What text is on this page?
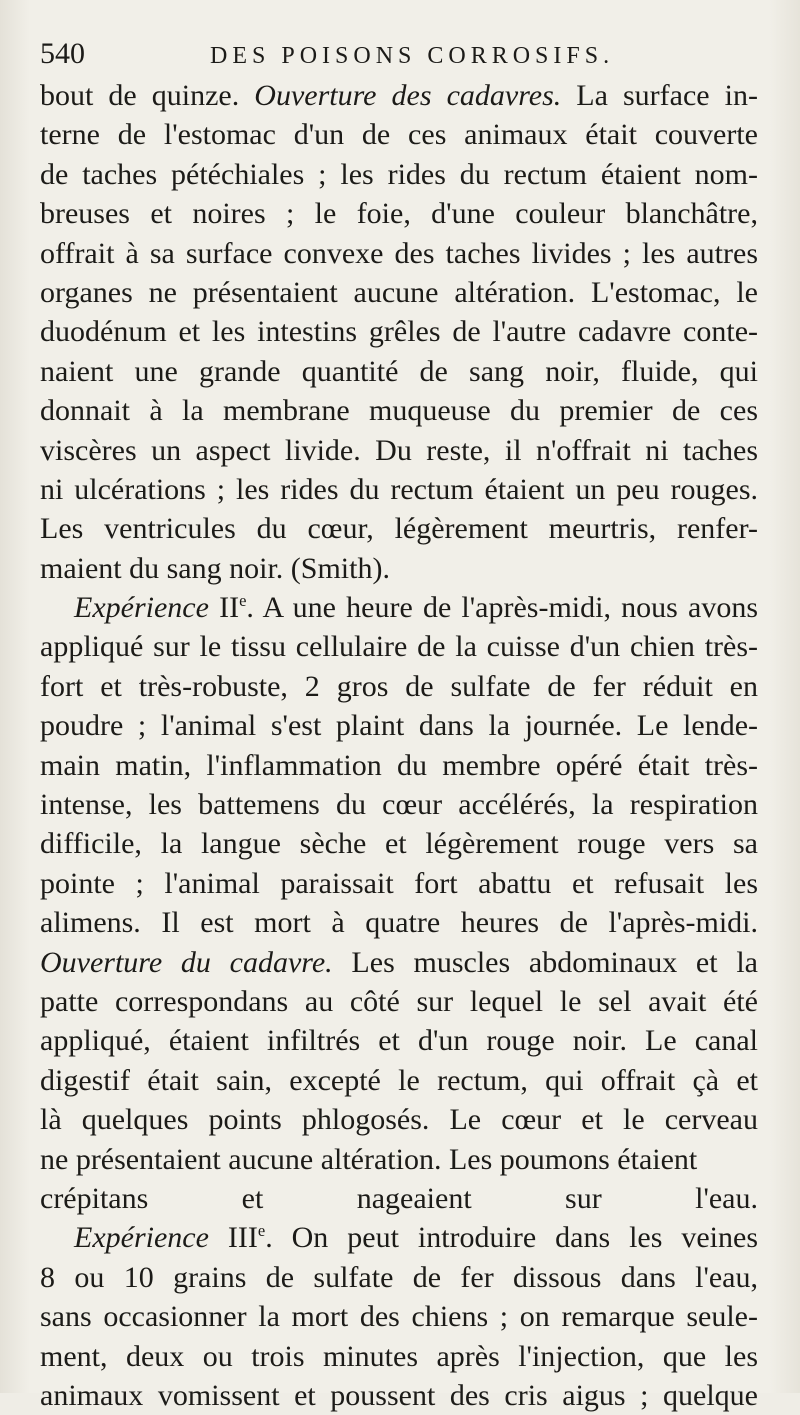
540	DES POISONS CORROSIFS.
bout de quinze. Ouverture des cadavres. La surface in-
terne de l'estomac d'un de ces animaux était couverte
de taches pétéchiales ; les rides du rectum étaient nom-
breuses et noires ; le foie, d'une couleur blanchâtre,
offrait à sa surface convexe des taches livides ; les autres
organes ne présentaient aucune altération. L'estomac, le
duodénum et les intestins grêles de l'autre cadavre conte-
naient une grande quantité de sang noir, fluide, qui
donnait à la membrane muqueuse du premier de ces
viscères un aspect livide. Du reste, il n'offrait ni taches
ni ulcérations ; les rides du rectum étaient un peu rouges.
Les ventricules du cœur, légèrement meurtris, renfer-
maient du sang noir. (Smith).
Expérience IIe. A une heure de l'après-midi, nous avons
appliqué sur le tissu cellulaire de la cuisse d'un chien très-
fort et très-robuste, 2 gros de sulfate de fer réduit en
poudre ; l'animal s'est plaint dans la journée. Le lende-
main matin, l'inflammation du membre opéré était très-
intense, les battemens du cœur accélérés, la respiration
difficile, la langue sèche et légèrement rouge vers sa
pointe ; l'animal paraissait fort abattu et refusait les
alimens. Il est mort à quatre heures de l'après-midi.
Ouverture du cadavre. Les muscles abdominaux et la
patte correspondans au côté sur lequel le sel avait été
appliqué, étaient infiltrés et d'un rouge noir. Le canal
digestif était sain, excepté le rectum, qui offrait çà et
là quelques points phlogosés. Le cœur et le cerveau
ne présentaient aucune altération. Les poumons étaient
crépitans et nageaient sur l'eau.
Expérience IIIe. On peut introduire dans les veines
8 ou 10 grains de sulfate de fer dissous dans l'eau,
sans occasionner la mort des chiens ; on remarque seule-
ment, deux ou trois minutes après l'injection, que les
animaux vomissent et poussent des cris aigus ; quelque
